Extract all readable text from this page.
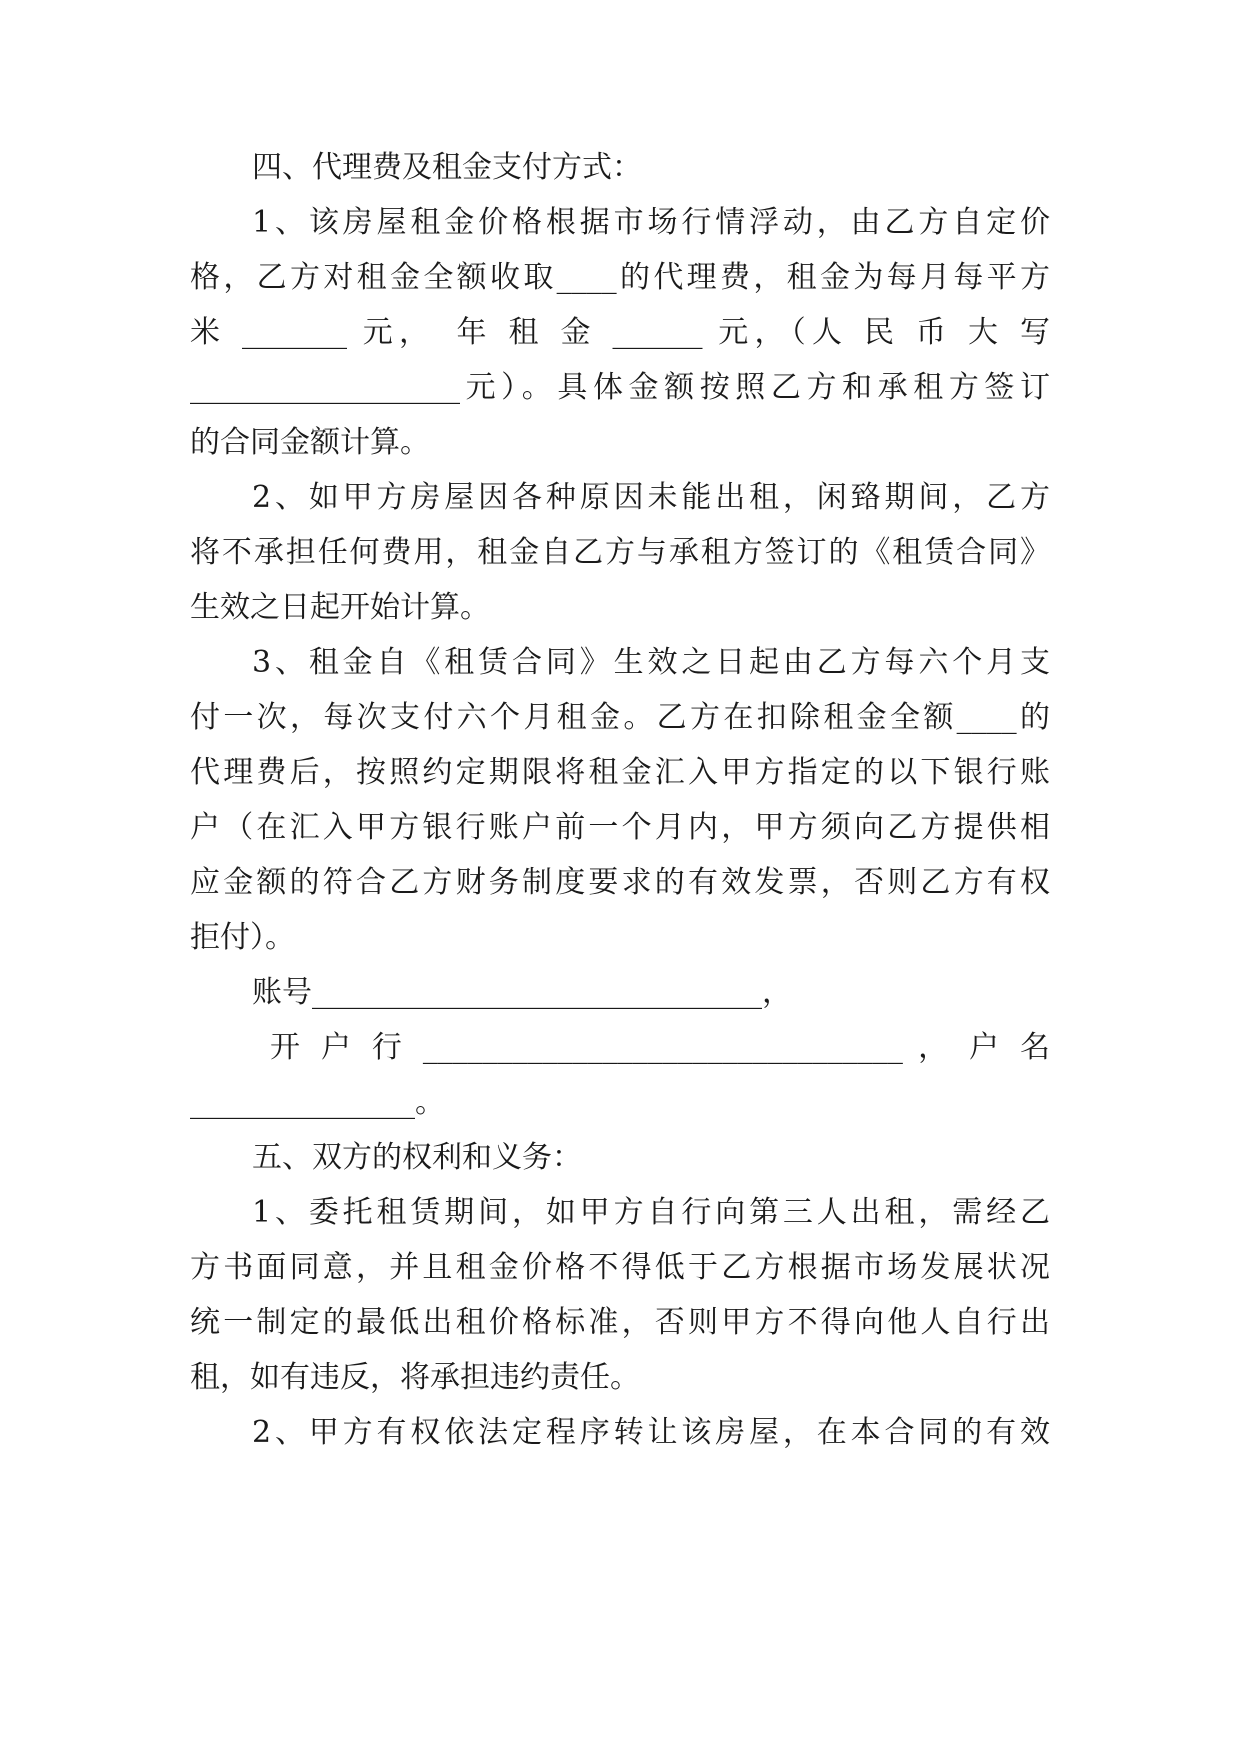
四、代理费及租金支付方式：
1、该房屋租金价格根据市场行情浮动，由乙方自定价
格，乙方对租金全额收取____的代理费，租金为每月每平方
米 _______ 元，　年 租 金 ______ 元，（人 民 币 大 写
__________________元）。具体金额按照乙方和承租方签订
的合同金额计算。
2、如甲方房屋因各种原因未能出租，闲臵期间，乙方
将不承担任何费用，租金自乙方与承租方签订的《租赁合同》
生效之日起开始计算。
3、租金自《租赁合同》生效之日起由乙方每六个月支
付一次，每次支付六个月租金。乙方在扣除租金全额____的
代理费后，按照约定期限将租金汇入甲方指定的以下银行账
户（在汇入甲方银行账户前一个月内，甲方须向乙方提供相
应金额的符合乙方财务制度要求的有效发票，否则乙方有权
拒付）。
账号______________________________，
开 户 行 ________________________________ ， 户 名
_______________。
五、双方的权利和义务：
1、委托租赁期间，如甲方自行向第三人出租，需经乙
方书面同意，并且租金价格不得低于乙方根据市场发展状况
统一制定的最低出租价格标准，否则甲方不得向他人自行出
租，如有违反，将承担违约责任。
2、甲方有权依法定程序转让该房屋，在本合同的有效
